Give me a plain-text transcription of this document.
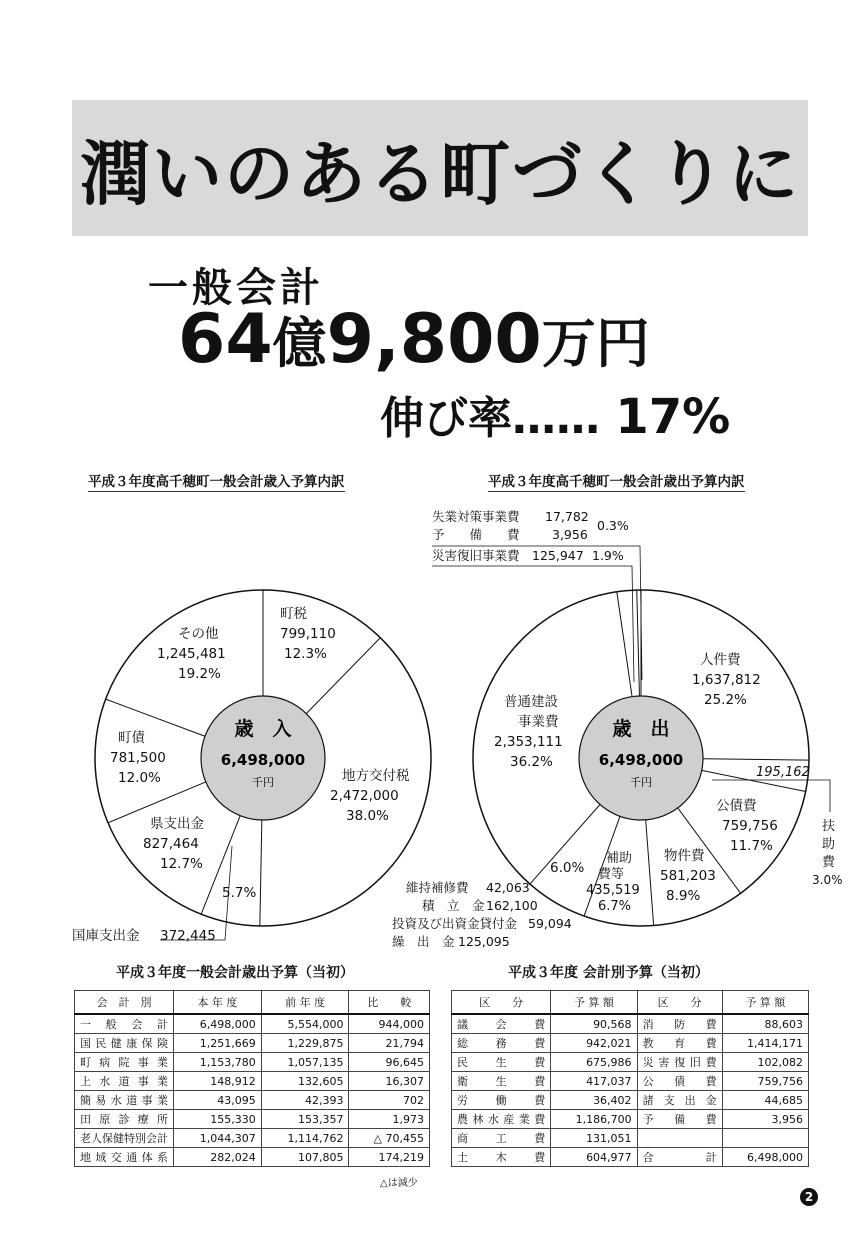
潤いのある町づくりに
一般会計
64億9,800万円
伸び率…… 17%
平成３年度高千穂町一般会計歳入予算内訳	平成３年度高千穂町一般会計歳出予算内訳
歳　入
6,498,000
千円
町税
799,110
12.3%
地方交付税
2,472,000
38.0%
5.7%
国庫支出金 372,445
県支出金
827,464
12.7%
町債
781,500
12.0%
その他
1,245,481
19.2%
歳　出
6,498,000
千円
人件費
1,637,812
25.2%
公債費
759,756
11.7%
物件費
581,203
8.9%
補助
費等
435,519
6.7%
6.0%
普通建設
事業費
2,353,111
36.2%
失業対策事業費 17,782
予　　備　　費	3,956
0.3%
災害復旧事業費 125,947 1.9%
195,162
扶
助
費
3.0%
維持補修費 42,063
積　立　金 162,100
投資及び出資金貸付金 59,094
繰　出　金 125,095
平成３年度一般会計歳出予算（当初）	平成３年度 会計別予算（当初）
会　計　別	本 年 度	前 年 度	比　　較
一般会計	6,498,000	5,554,000	944,000
国民健康保険	1,251,669	1,229,875	21,794
町病院事業	1,153,780	1,057,135	96,645
上水道事業	148,912	132,605	16,307
簡易水道事業	43,095	42,393	702
田原診療所	155,330	153,357	1,973
老人保健特別会計	1,044,307	1,114,762	△ 70,455
地域交通体系	282,024	107,805	174,219
△は減少
区　　分	予 算 額	区　　分	予 算 額
議会費	90,568	消防費	88,603
総務費	942,021	教育費	1,414,171
民生費	675,986	災害復旧費	102,082
衛生費	417,037	公債費	759,756
労働費	36,402	諸支出金	44,685
農林水産業費	1,186,700	予備費	3,956
商工費	131,051		
土木費	604,977	合　計	6,498,000
2
